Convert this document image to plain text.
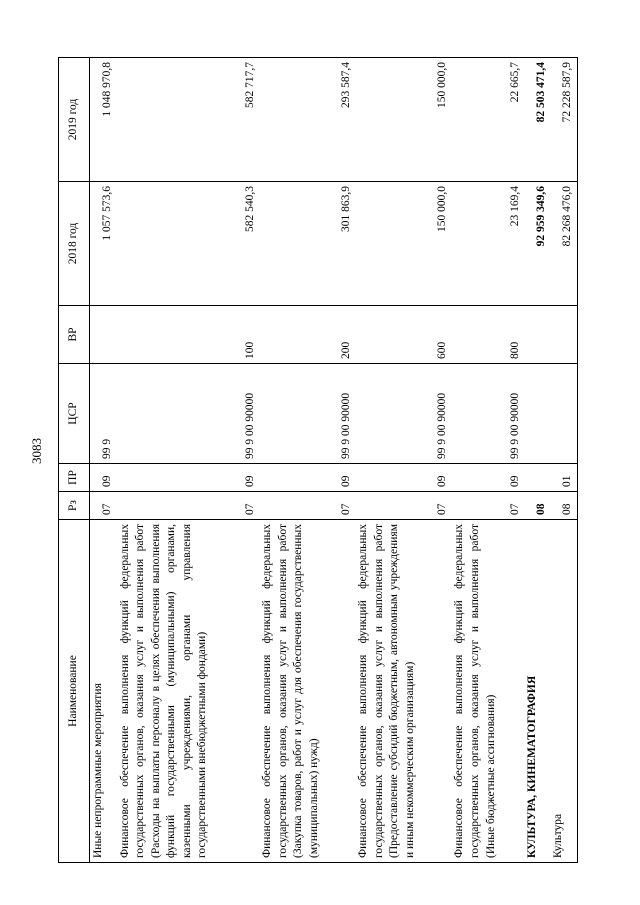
3083
Наименование	Рз	ПР	ЦСР	ВР	2018 год	2019 год
Иные непрограммные мероприятия	07	09	99 9		1 057 573,6	1 048 970,8
Финансовое обеспечение выполнения функций федеральных государственных органов, оказания услуг и выполнения работ (Расходы на выплаты персоналу в целях обеспечения выполнения функций государственными (муниципальными) органами, казенными учреждениями, органами управления государственными внебюджетными фондами)	07	09	99 9 00 90000	100	582 540,3	582 717,7
Финансовое обеспечение выполнения функций федеральных государственных органов, оказания услуг и выполнения работ (Закупка товаров, работ и услуг для обеспечения государственных (муниципальных) нужд)	07	09	99 9 00 90000	200	301 863,9	293 587,4
Финансовое обеспечение выполнения функций федеральных государственных органов, оказания услуг и выполнения работ (Предоставление субсидий бюджетным, автономным учреждениям и иным некоммерческим организациям)	07	09	99 9 00 90000	600	150 000,0	150 000,0
Финансовое обеспечение выполнения функций федеральных государственных органов, оказания услуг и выполнения работ (Иные бюджетные ассигнования)	07	09	99 9 00 90000	800	23 169,4	22 665,7
КУЛЬТУРА, КИНЕМАТОГРАФИЯ	08				92 959 349,6	82 503 471,4
Культура	08	01			82 268 476,0	72 228 587,9
